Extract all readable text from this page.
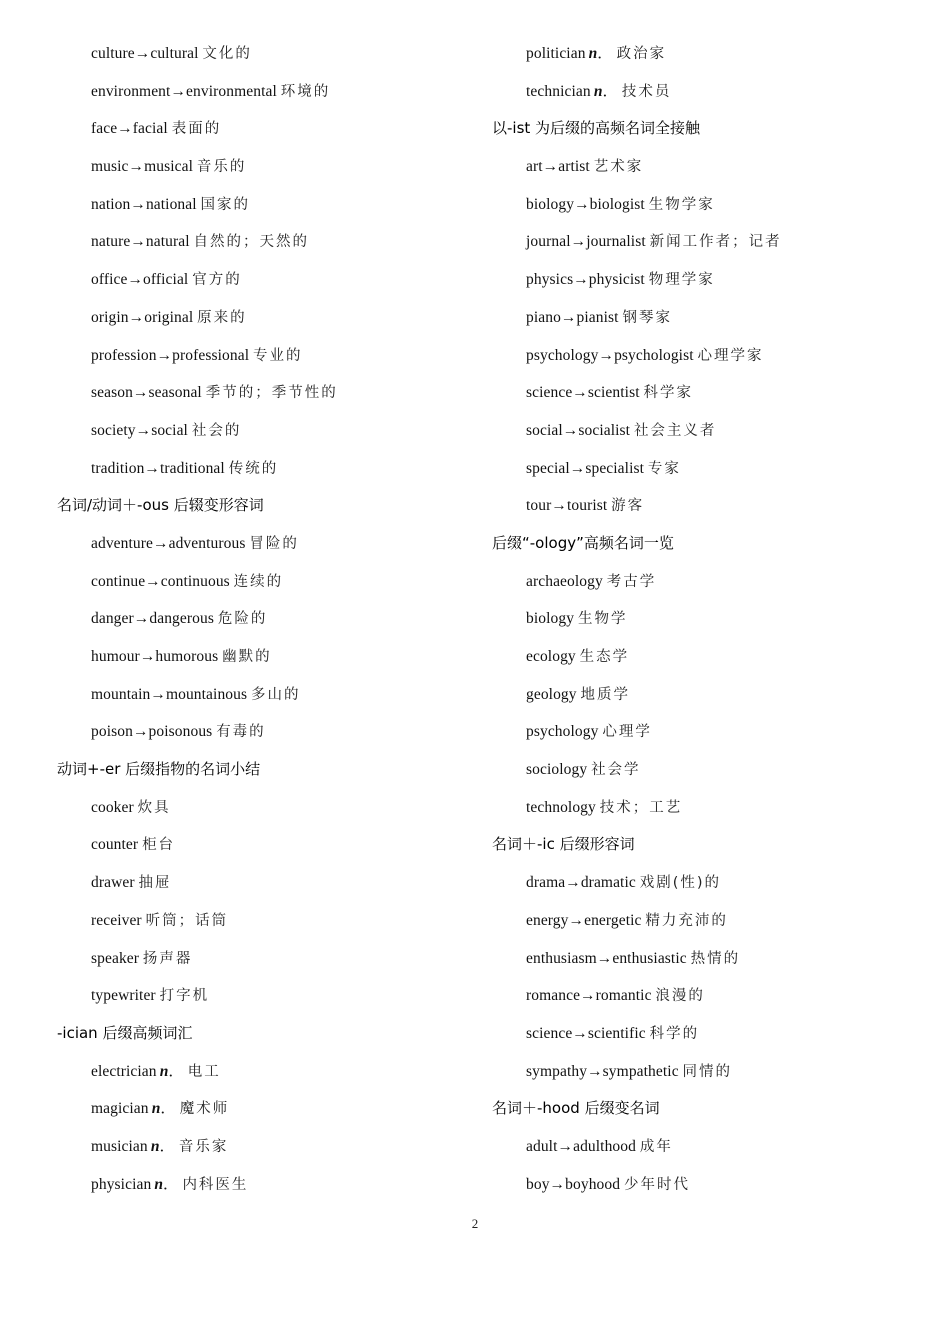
culture→cultural 文化的
environment→environmental 环境的
face→facial 表面的
music→musical 音乐的
nation→national 国家的
nature→natural 自然的；天然的
office→official 官方的
origin→original 原来的
profession→professional 专业的
season→seasonal 季节的；季节性的
society→social 社会的
tradition→traditional 传统的
名词/动词＋-ous 后辍变形容词
adventure→adventurous 冒险的
continue→continuous 连续的
danger→dangerous 危险的
humour→humorous 幽默的
mountain→mountainous 多山的
poison→poisonous 有毒的
动词+-er 后缀指物的名词小结
cooker 炊具
counter 柜台
drawer 抽屉
receiver 听筒；话筒
speaker 扬声器
typewriter 打字机
-ician 后缀高频词汇
electrician  n． 电工
magician  n． 魔术师
musician  n． 音乐家
physician  n． 内科医生
politician  n． 政治家
technician  n． 技术员
以-ist 为后缀的高频名词全接触
art→artist 艺术家
biology→biologist 生物学家
journal→journalist 新闻工作者；记者
physics→physicist 物理学家
piano→pianist 钢琴家
psychology→psychologist 心理学家
science→scientist 科学家
social→socialist 社会主义者
special→specialist 专家
tour→tourist 游客
后缀“-ology”高频名词一览
archaeology 考古学
biology 生物学
ecology 生态学
geology 地质学
psychology 心理学
sociology 社会学
technology 技术；工艺
名词＋-ic 后缀形容词
drama→dramatic 戏剧(性)的
energy→energetic 精力充沛的
enthusiasm→enthusiastic 热情的
romance→romantic 浪漫的
science→scientific 科学的
sympathy→sympathetic 同情的
名词＋-hood 后缀变名词
adult→adulthood 成年
boy→boyhood 少年时代
2
